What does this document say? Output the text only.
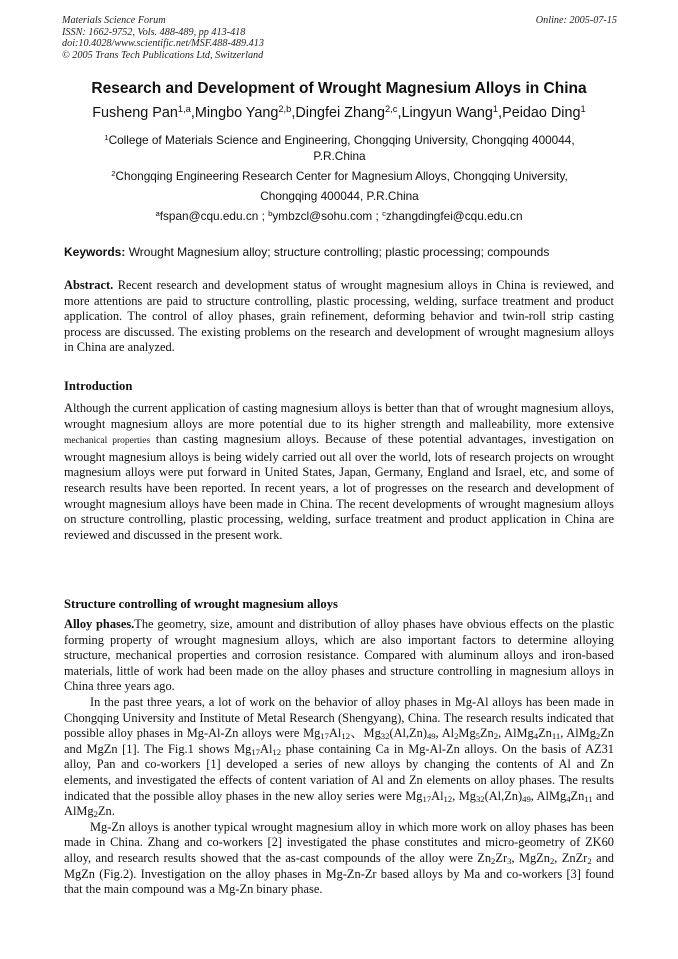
Materials Science Forum	Online: 2005-07-15
ISSN: 1662-9752, Vols. 488-489, pp 413-418
doi:10.4028/www.scientific.net/MSF.488-489.413
© 2005 Trans Tech Publications Ltd, Switzerland
Research and Development of Wrought Magnesium Alloys in China
Fusheng Pan$^{1,a}$,Mingbo Yang$^{2,b}$,Dingfei Zhang$^{2,c}$,Lingyun Wang$^1$,Peidao Ding$^1$
$^1$College of Materials Science and Engineering, Chongqing University, Chongqing 400044,
P.R.China
$^2$Chongqing Engineering Research Center for Magnesium Alloys, Chongqing University,
Chongqing 400044, P.R.China
$^a$fspan@cqu.edu.cn ; $^b$ymbzcl@sohu.com ; $^c$zhangdingfei@cqu.edu.cn
Keywords: Wrought Magnesium alloy; structure controlling; plastic processing; compounds

Abstract. Recent research and development status of wrought magnesium alloys in China is reviewed, and more attentions are paid to structure controlling, plastic processing, welding, surface treatment and product application. The control of alloy phases, grain refinement, deforming behavior and twin-roll strip casting process are discussed. The existing problems on the research and development of wrought magnesium alloys in China are analyzed.

Introduction

Although the current application of casting magnesium alloys is better than that of wrought magnesium alloys, wrought magnesium alloys are more potential due to its higher strength and malleability, more extensive mechanical properties than casting magnesium alloys. Because of these potential advantages, investigation on wrought magnesium alloys is being widely carried out all over the world, lots of research projects on wrought magnesium alloys were put forward in United States, Japan, Germany, England and Israel, etc, and some of research results have been reported. In recent years, a lot of progresses on the research and development of wrought magnesium alloys have been made in China. The recent developments of wrought magnesium alloys on structure controlling, plastic processing, welding, surface treatment and product application in China are reviewed and discussed in the present work.

Structure controlling of wrought magnesium alloys

Alloy phases.The geometry, size, amount and distribution of alloy phases have obvious effects on the plastic forming property of wrought magnesium alloys, which are also important factors to determine alloying structure, mechanical properties and corrosion resistance. Compared with aluminum alloys and iron-based materials, little of work had been made on the alloy phases and structure controlling in magnesium alloys in China three years ago.

In the past three years, a lot of work on the behavior of alloy phases in Mg-Al alloys has been made in Chongqing University and Institute of Metal Research (Shengyang), China. The research results indicated that possible alloy phases in Mg-Al-Zn alloys were $Mg_{17}Al_{12}$、$Mg_{32}(Al,Zn)_{49}$, $Al_2Mg_5Zn_2$, $AlMg_4Zn_{11}$, AlMg$_2$Zn and MgZn [1]. The Fig.1 shows $Mg_{17}Al_{12}$ phase containing Ca in Mg-Al-Zn alloys. On the basis of AZ31 alloy, Pan and co-workers [1] developed a series of new alloys by changing the contents of Al and Zn elements, and investigated the effects of content variation of Al and Zn elements on alloy phases. The results indicated that the possible alloy phases in the new alloy series were $Mg_{17}Al_{12}$, $Mg_{32}(Al,Zn)_{49}$, $AlMg_4Zn_{11}$ and AlMg$_2$Zn.

Mg-Zn alloys is another typical wrought magnesium alloy in which more work on alloy phases has been made in China. Zhang and co-workers [2] investigated the phase constitutes and micro-geometry of ZK60 alloy, and research results showed that the as-cast compounds of the alloy were $Zn_2Zr_3$, MgZn$_2$, ZnZr$_2$ and MgZn (Fig.2). Investigation on the alloy phases in Mg-Zn-Zr based alloys by Ma and co-workers [3] found that the main compound was a Mg-Zn binary phase.
